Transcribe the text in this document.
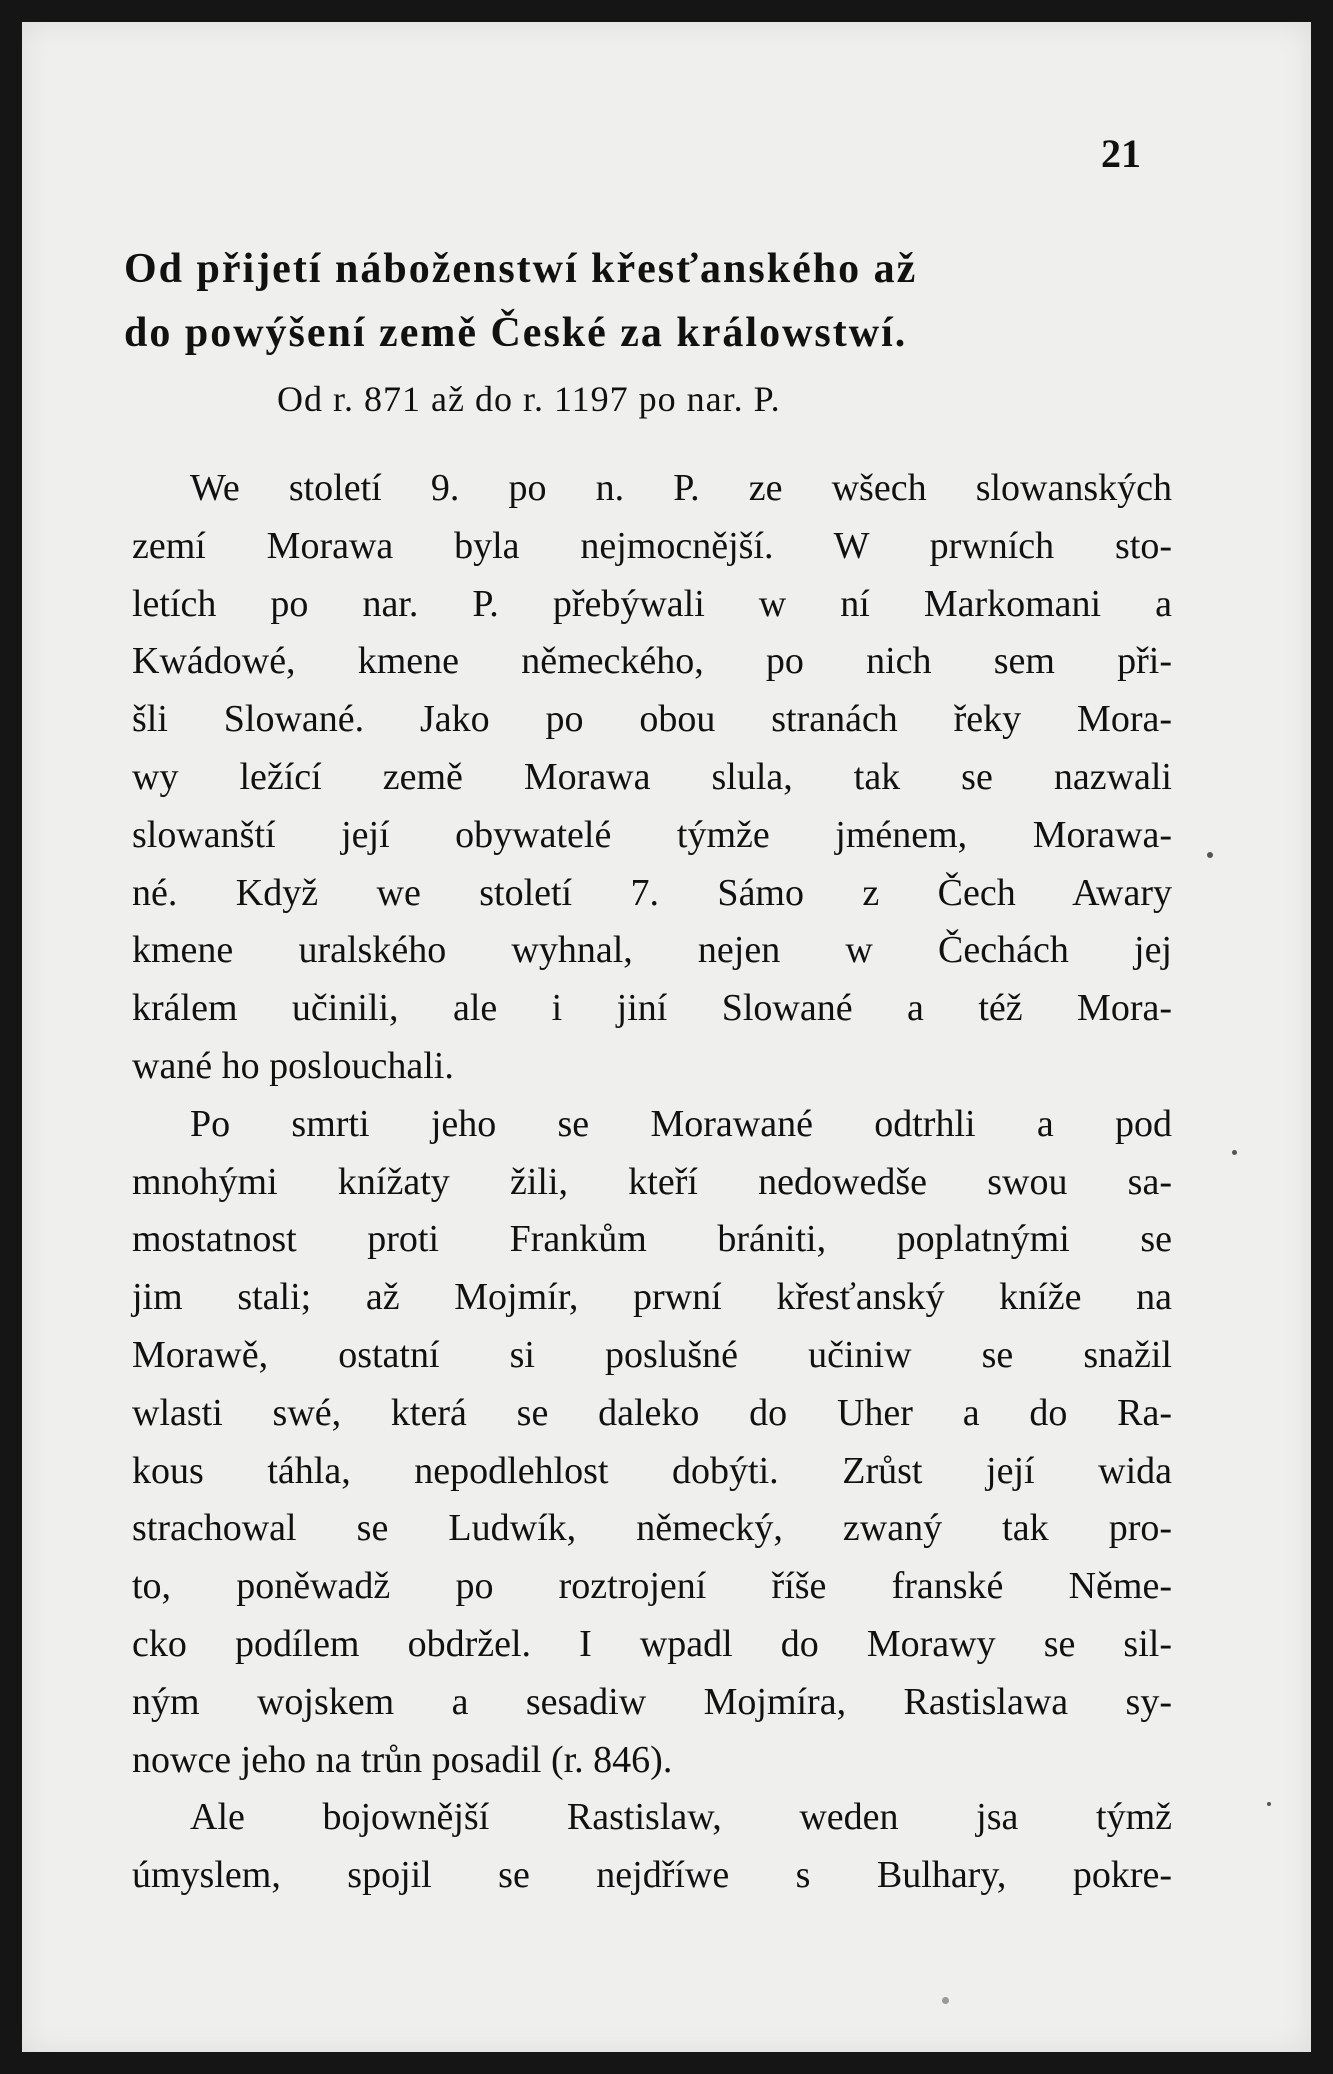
21
Od přijetí náboženstwí křesťanského až
do powýšení země České za králowstwí.
Od r. 871 až do r. 1197 po nar. P.
We století 9. po n. P. ze wšech slowanských
zemí Morawa byla nejmocnější. W prwních sto-
letích po nar. P. přebýwali w ní Markomani a
Kwádowé, kmene německého, po nich sem při-
šli Slowané. Jako po obou stranách řeky Mora-
wy ležící země Morawa slula, tak se nazwali
slowanští její obywatelé týmže jménem, Morawa-
né. Když we století 7. Sámo z Čech Awary
kmene uralského wyhnal, nejen w Čechách jej
králem učinili, ale i jiní Slowané a též Mora-
wané ho poslouchali.
Po smrti jeho se Morawané odtrhli a pod
mnohými knížaty žili, kteří nedowedše swou sa-
mostatnost proti Frankům brániti, poplatnými se
jim stali; až Mojmír, prwní křesťanský kníže na
Morawě, ostatní si poslušné učiniw se snažil
wlasti swé, která se daleko do Uher a do Ra-
kous táhla, nepodlehlost dobýti. Zrůst její wida
strachowal se Ludwík, německý, zwaný tak pro-
to, poněwadž po roztrojení říše franské Něme-
cko podílem obdržel. I wpadl do Morawy se sil-
ným wojskem a sesadiw Mojmíra, Rastislawa sy-
nowce jeho na trůn posadil (r. 846).
Ale bojownější Rastislaw, weden jsa týmž
úmyslem, spojil se nejdříwe s Bulhary, pokre-
